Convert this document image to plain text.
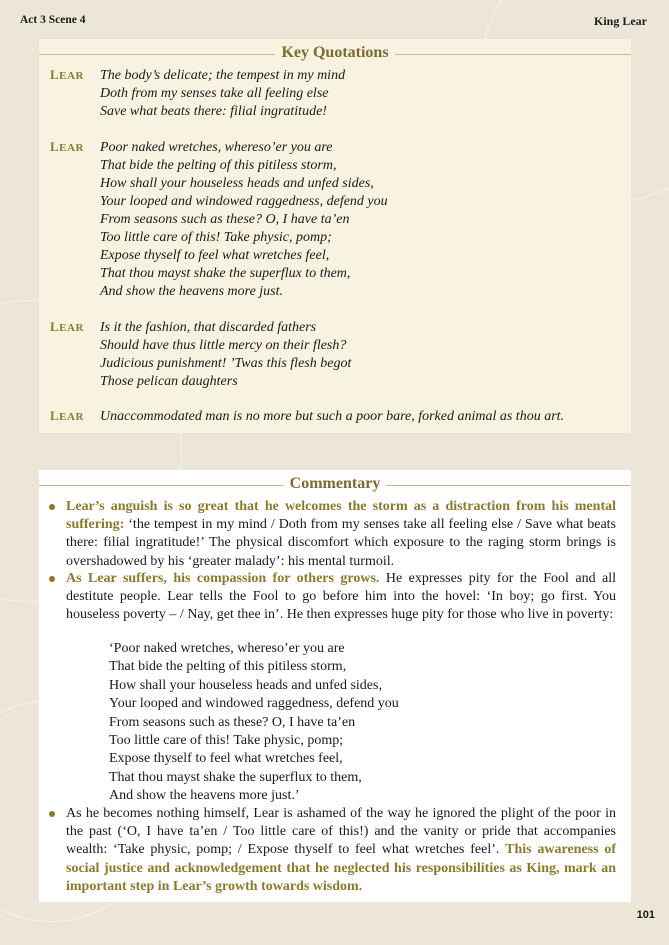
Act 3 Scene 4	King Lear
Key Quotations
LEAR The body’s delicate; the tempest in my mind
Doth from my senses take all feeling else
Save what beats there: filial ingratitude!
LEAR Poor naked wretches, whereso’er you are
That bide the pelting of this pitiless storm,
How shall your houseless heads and unfed sides,
Your looped and windowed raggedness, defend you
From seasons such as these? O, I have ta’en
Too little care of this! Take physic, pomp;
Expose thyself to feel what wretches feel,
That thou mayst shake the superflux to them,
And show the heavens more just.
LEAR Is it the fashion, that discarded fathers
Should have thus little mercy on their flesh?
Judicious punishment! ’Twas this flesh begot
Those pelican daughters
LEAR Unaccommodated man is no more but such a poor bare, forked animal as thou art.
Commentary
Lear’s anguish is so great that he welcomes the storm as a distraction from his mental suffering: ‘the tempest in my mind / Doth from my senses take all feeling else / Save what beats there: filial ingratitude!’ The physical discomfort which exposure to the raging storm brings is overshadowed by his ‘greater malady’: his mental turmoil.
As Lear suffers, his compassion for others grows. He expresses pity for the Fool and all destitute people. Lear tells the Fool to go before him into the hovel: ‘In boy; go first. You houseless poverty – / Nay, get thee in’. He then expresses huge pity for those who live in poverty:
‘Poor naked wretches, whereso’er you are
That bide the pelting of this pitiless storm,
How shall your houseless heads and unfed sides,
Your looped and windowed raggedness, defend you
From seasons such as these? O, I have ta’en
Too little care of this! Take physic, pomp;
Expose thyself to feel what wretches feel,
That thou mayst shake the superflux to them,
And show the heavens more just.’
As he becomes nothing himself, Lear is ashamed of the way he ignored the plight of the poor in the past (‘O, I have ta’en / Too little care of this!) and the vanity or pride that accompanies wealth: ‘Take physic, pomp; / Expose thyself to feel what wretches feel’. This awareness of social justice and acknowledgement that he neglected his responsibilities as King, mark an important step in Lear’s growth towards wisdom.
101
